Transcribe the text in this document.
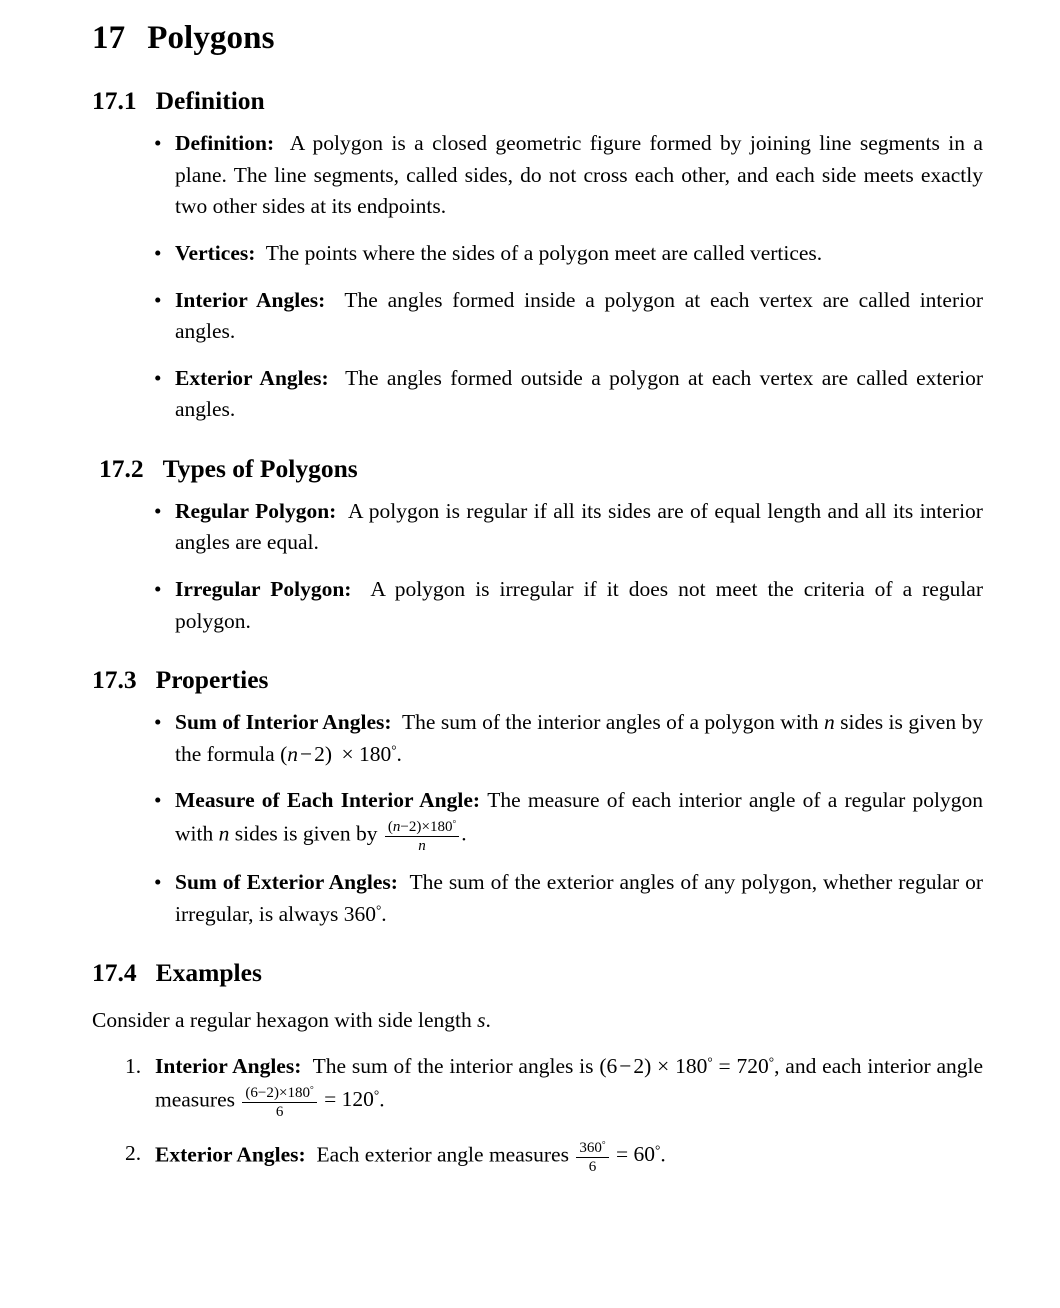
17 Polygons
17.1 Definition
• Definition: A polygon is a closed geometric figure formed by joining line segments in a plane. The line segments, called sides, do not cross each other, and each side meets exactly two other sides at its endpoints.
• Vertices: The points where the sides of a polygon meet are called vertices.
• Interior Angles: The angles formed inside a polygon at each vertex are called interior angles.
• Exterior Angles: The angles formed outside a polygon at each vertex are called exterior angles.
17.2 Types of Polygons
• Regular Polygon: A polygon is regular if all its sides are of equal length and all its interior angles are equal.
• Irregular Polygon: A polygon is irregular if it does not meet the criteria of a regular polygon.
17.3 Properties
• Sum of Interior Angles: The sum of the interior angles of a polygon with n sides is given by the formula (n−2) × 180°.
• Measure of Each Interior Angle: The measure of each interior angle of a regular polygon with n sides is given by $\frac{(n-2)\times 180^\circ}{n}$ .
• Sum of Exterior Angles: The sum of the exterior angles of any polygon, whether regular or irregular, is always 360°.
17.4 Examples

Consider a regular hexagon with side length s.

1. Interior Angles: The sum of the interior angles is (6−2) × 180° = 720°, and each interior angle measures $\frac{(6-2)\times 180^\circ}{6} = 120^\circ$.
2. Exterior Angles: Each exterior angle measures $\frac{360^\circ}{6} = 60^\circ$.
